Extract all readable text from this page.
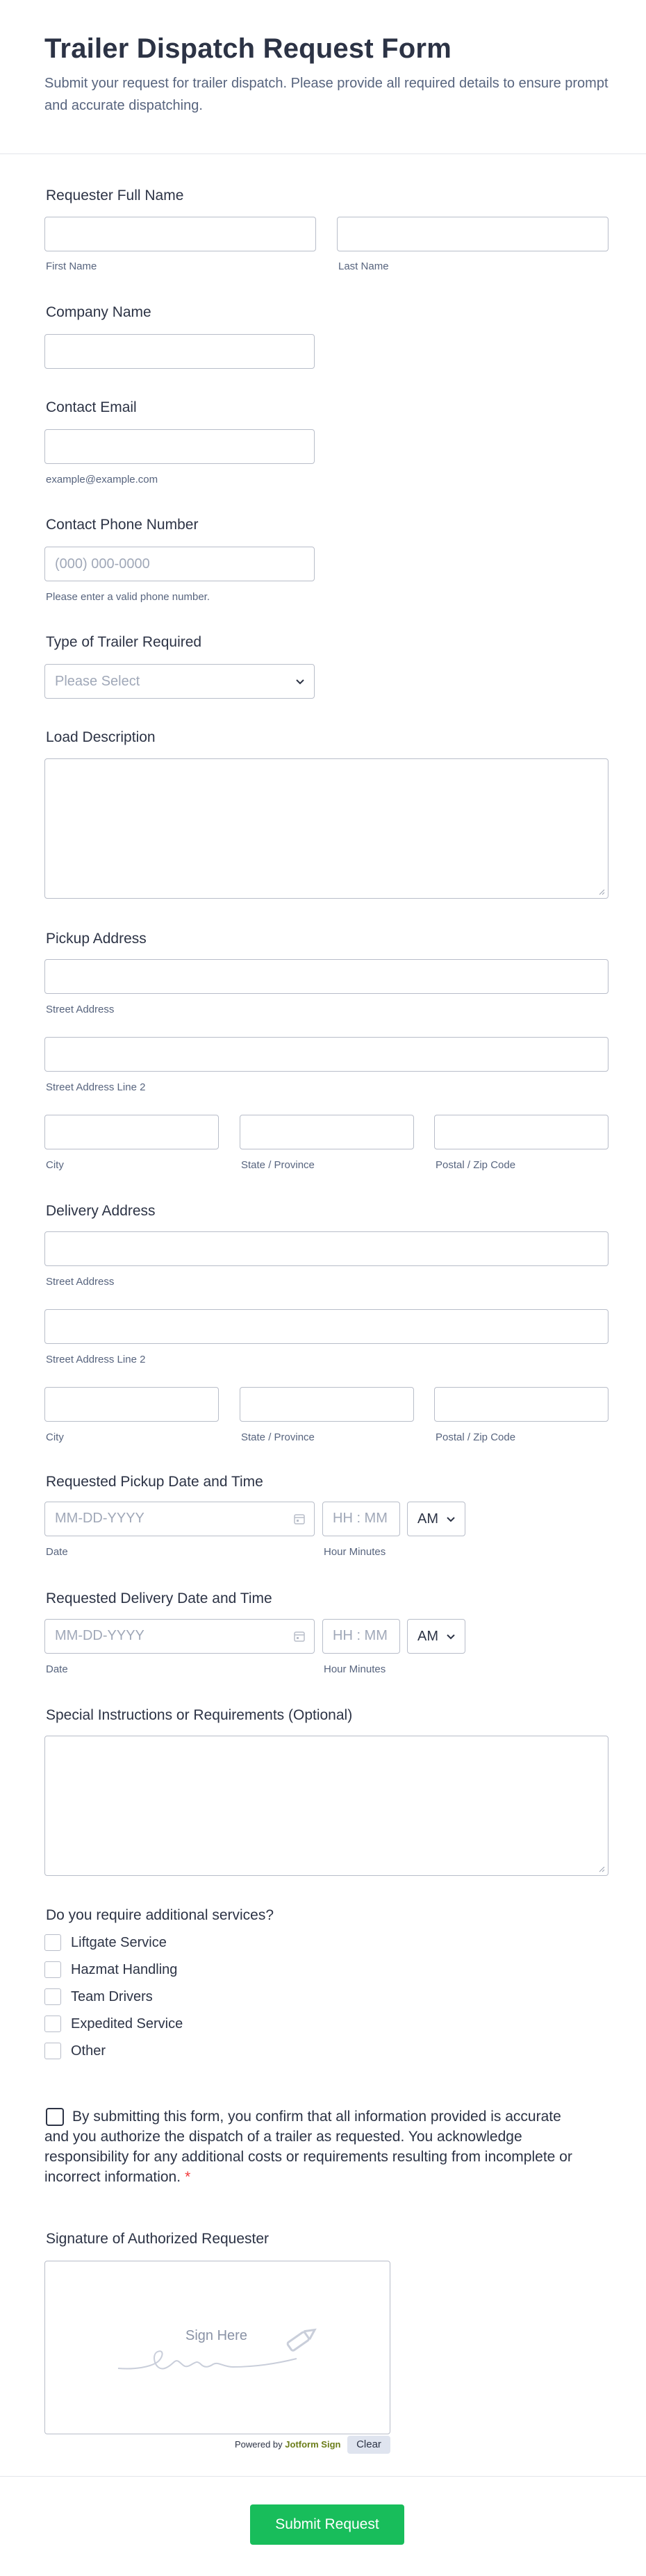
Trailer Dispatch Request Form

Submit your request for trailer dispatch. Please provide all required details to ensure prompt and accurate dispatching.

Requester Full Name
First Name	Last Name
Company Name
Contact Email
example@example.com
Contact Phone Number
(000) 000-0000
Please enter a valid phone number.
Type of Trailer Required
Please Select
Load Description
Pickup Address
Street Address
Street Address Line 2
City	State / Province	Postal / Zip Code
Delivery Address
Street Address
Street Address Line 2
City	State / Province	Postal / Zip Code
Requested Pickup Date and Time
MM-DD-YYYY	HH : MM AM
Date	Hour Minutes
Requested Delivery Date and Time
MM-DD-YYYY	HH : MM AM
Date	Hour Minutes
Special Instructions or Requirements (Optional)
Do you require additional services?
Liftgate Service
Hazmat Handling
Team Drivers
Expedited Service
Other
By submitting this form, you confirm that all information provided is accurate and you authorize the dispatch of a trailer as requested. You acknowledge responsibility for any additional costs or requirements resulting from incomplete or incorrect information. *
Signature of Authorized Requester
Sign Here
Powered by Jotform Sign	Clear
Submit Request
